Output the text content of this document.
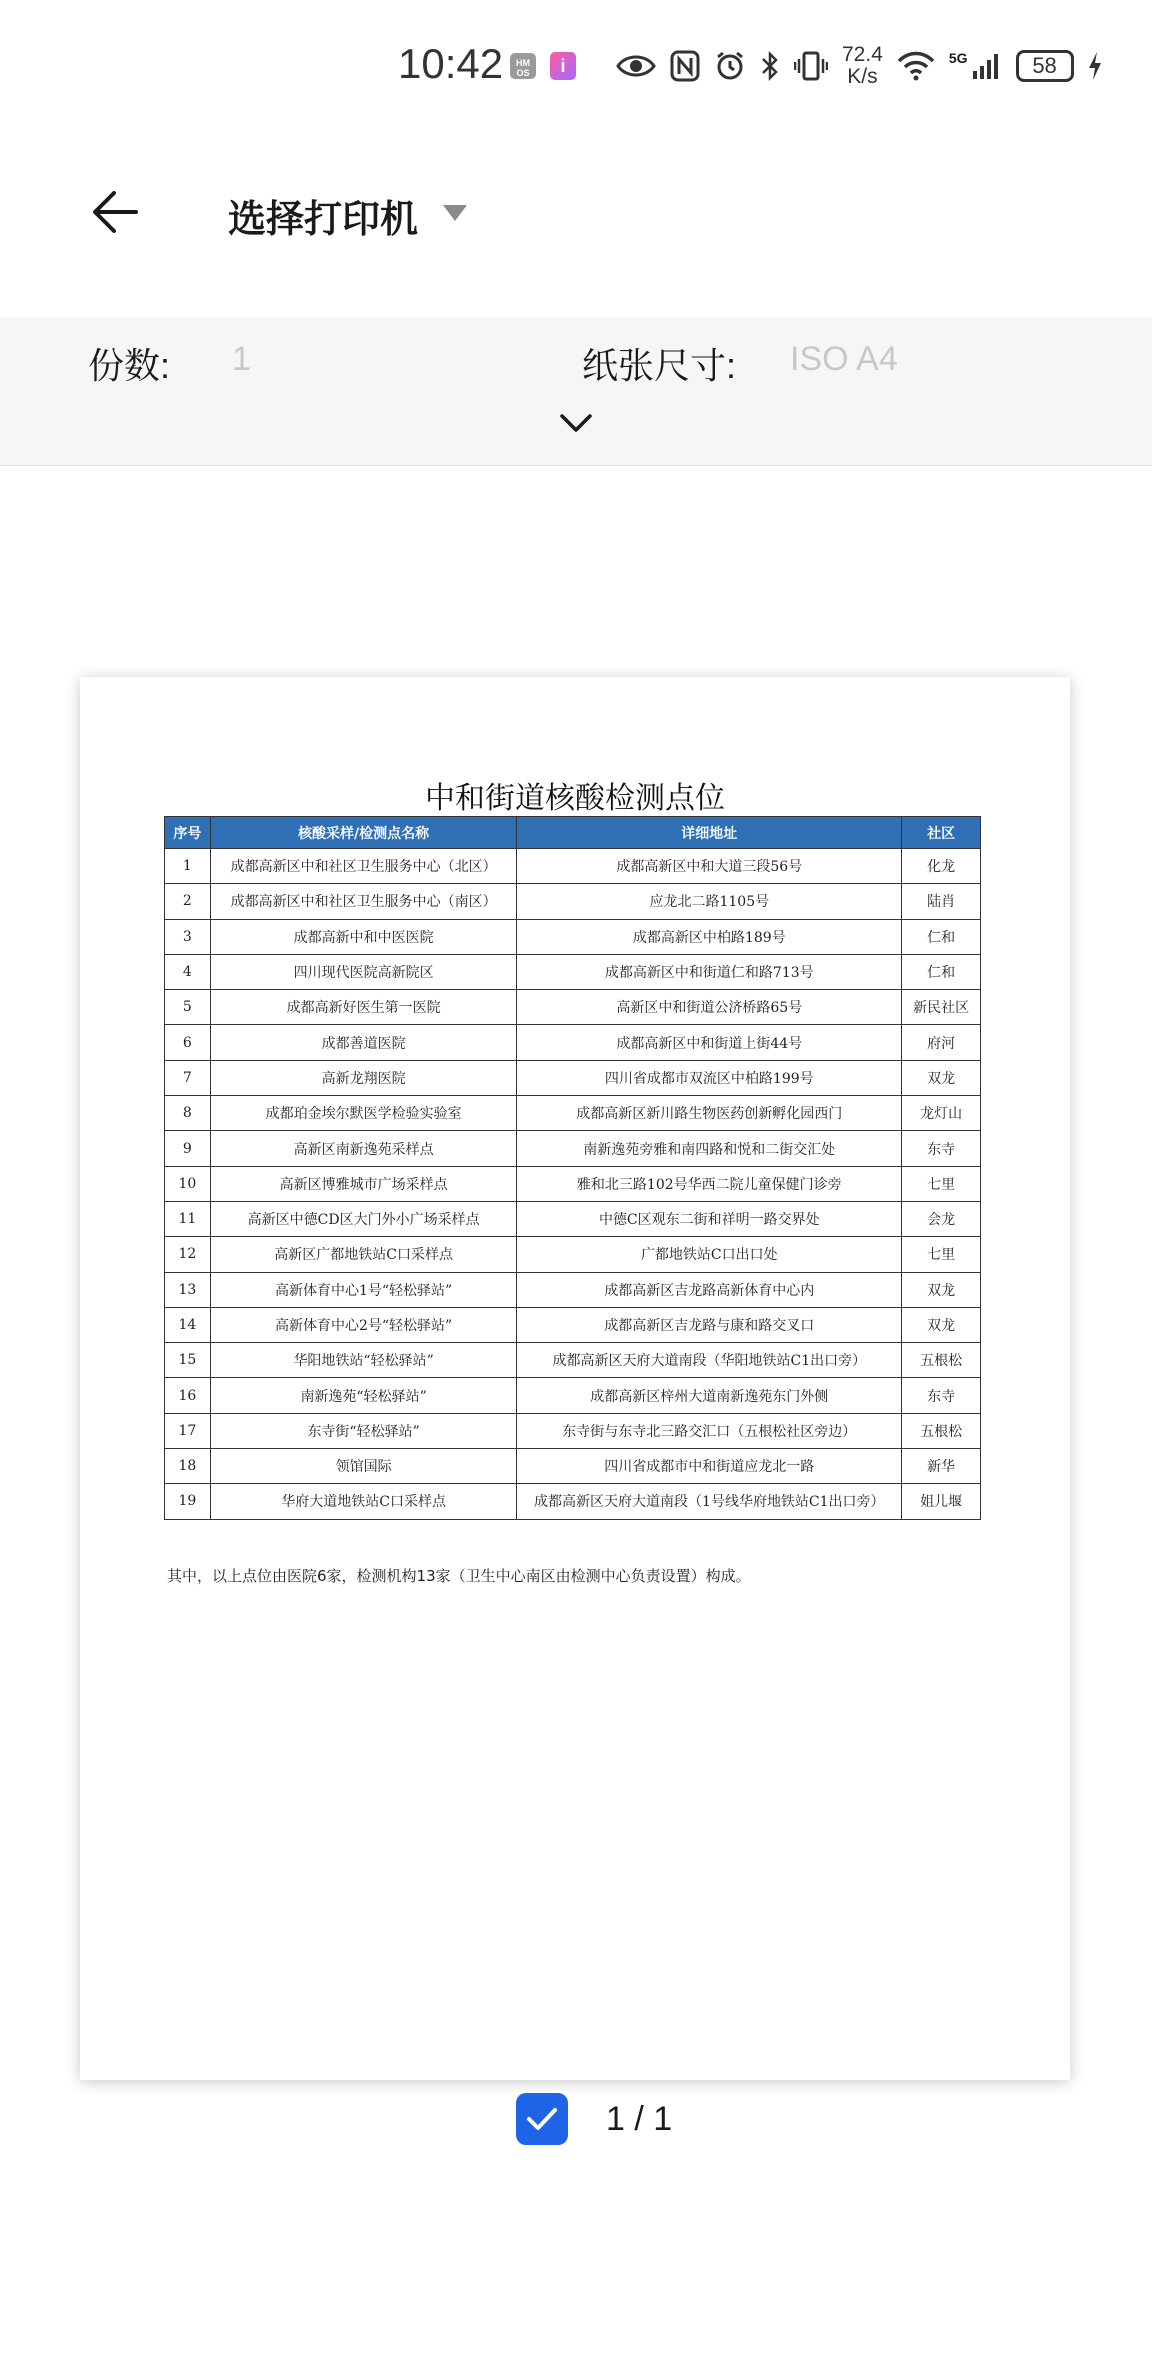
10:42	HM OS	i	72.4
K/s
5G	58
选择打印机
份数: 1	纸张尺寸: ISO A4
中和街道核酸检测点位
序号	核酸采样/检测点名称	详细地址	社区
1	成都高新区中和社区卫生服务中心（北区）	成都高新区中和大道三段56号	化龙
2	成都高新区中和社区卫生服务中心（南区）	应龙北二路1105号	陆肖
3	成都高新中和中医医院	成都高新区中柏路189号	仁和
4	四川现代医院高新院区	成都高新区中和街道仁和路713号	仁和
5	成都高新好医生第一医院	高新区中和街道公济桥路65号	新民社区
6	成都善道医院	成都高新区中和街道上街44号	府河
7	高新龙翔医院	四川省成都市双流区中柏路199号	双龙
8	成都珀金埃尔默医学检验实验室	成都高新区新川路生物医药创新孵化园西门	龙灯山
9	高新区南新逸苑采样点	南新逸苑旁雅和南四路和悦和二街交汇处	东寺
10	高新区博雅城市广场采样点	雅和北三路102号华西二院儿童保健门诊旁	七里
11	高新区中德CD区大门外小广场采样点	中德C区观东二街和祥明一路交界处	会龙
12	高新区广都地铁站C口采样点	广都地铁站C口出口处	七里
13	高新体育中心1号“轻松驿站”	成都高新区吉龙路高新体育中心内	双龙
14	高新体育中心2号“轻松驿站”	成都高新区吉龙路与康和路交叉口	双龙
15	华阳地铁站“轻松驿站”	成都高新区天府大道南段（华阳地铁站C1出口旁）	五根松
16	南新逸苑“轻松驿站”	成都高新区梓州大道南新逸苑东门外侧	东寺
17	东寺街“轻松驿站”	东寺街与东寺北三路交汇口（五根松社区旁边）	五根松
18	领馆国际	四川省成都市中和街道应龙北一路	新华
19	华府大道地铁站C口采样点	成都高新区天府大道南段（1号线华府地铁站C1出口旁）	姐儿堰
其中，以上点位由医院6家，检测机构13家（卫生中心南区由检测中心负责设置）构成。
1 / 1
